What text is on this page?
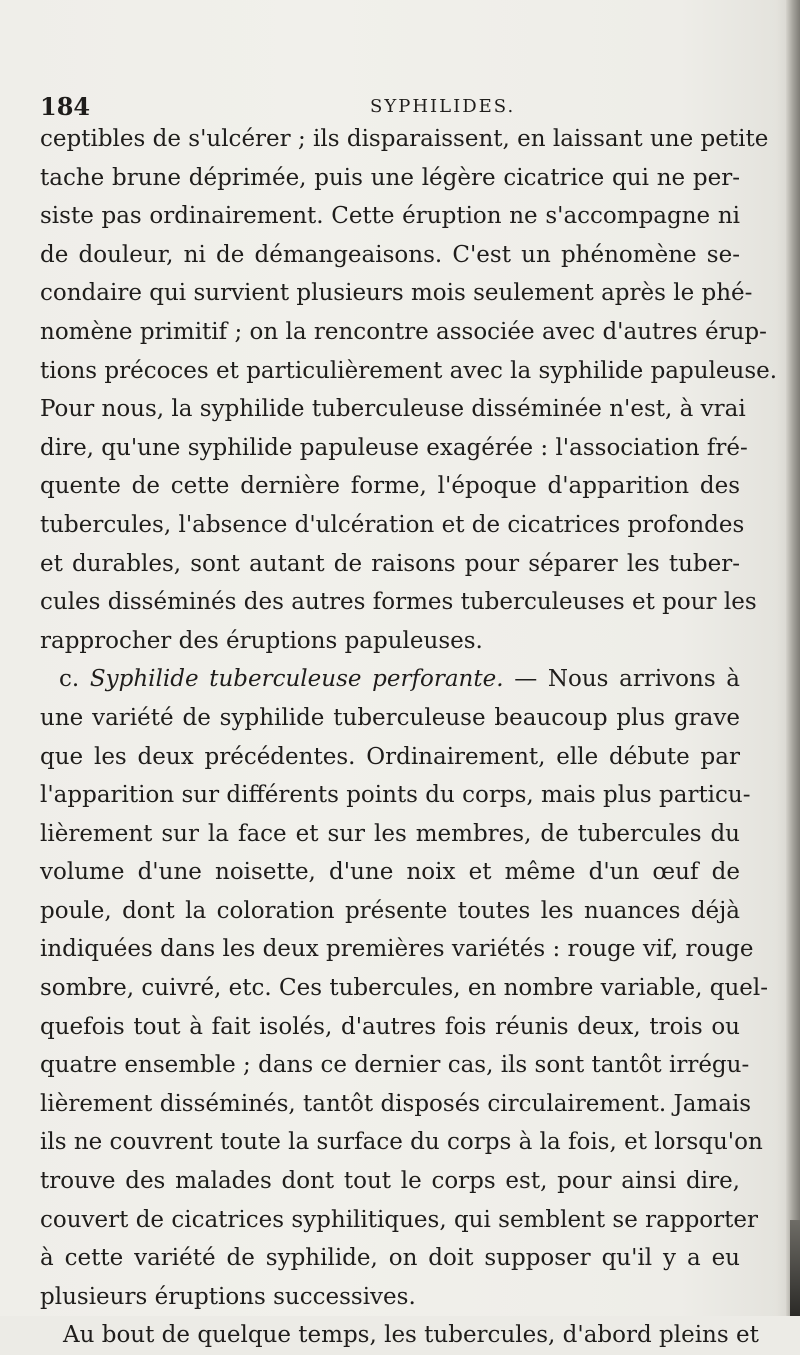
184	SYPHILIDES.
ceptibles de s'ulcérer ; ils disparaissent, en laissant une petite
tache brune déprimée, puis une légère cicatrice qui ne per-
siste pas ordinairement. Cette éruption ne s'accompagne ni
de douleur, ni de démangeaisons. C'est un phénomène se-
condaire qui survient plusieurs mois seulement après le phé-
nomène primitif ; on la rencontre associée avec d'autres érup-
tions précoces et particulièrement avec la syphilide papuleuse.
Pour nous, la syphilide tuberculeuse disséminée n'est, à vrai
dire, qu'une syphilide papuleuse exagérée : l'association fré-
quente de cette dernière forme, l'époque d'apparition des
tubercules, l'absence d'ulcération et de cicatrices profondes
et durables, sont autant de raisons pour séparer les tuber-
cules disséminés des autres formes tuberculeuses et pour les
rapprocher des éruptions papuleuses.
c. Syphilide tuberculeuse perforante. — Nous arrivons à
une variété de syphilide tuberculeuse beaucoup plus grave
que les deux précédentes. Ordinairement, elle débute par
l'apparition sur différents points du corps, mais plus particu-
lièrement sur la face et sur les membres, de tubercules du
volume d'une noisette, d'une noix et même d'un œuf de
poule, dont la coloration présente toutes les nuances déjà
indiquées dans les deux premières variétés : rouge vif, rouge
sombre, cuivré, etc. Ces tubercules, en nombre variable, quel-
quefois tout à fait isolés, d'autres fois réunis deux, trois ou
quatre ensemble ; dans ce dernier cas, ils sont tantôt irrégu-
lièrement disséminés, tantôt disposés circulairement. Jamais
ils ne couvrent toute la surface du corps à la fois, et lorsqu'on
trouve des malades dont tout le corps est, pour ainsi dire,
couvert de cicatrices syphilitiques, qui semblent se rapporter
à cette variété de syphilide, on doit supposer qu'il y a eu
plusieurs éruptions successives.
Au bout de quelque temps, les tubercules, d'abord pleins et
